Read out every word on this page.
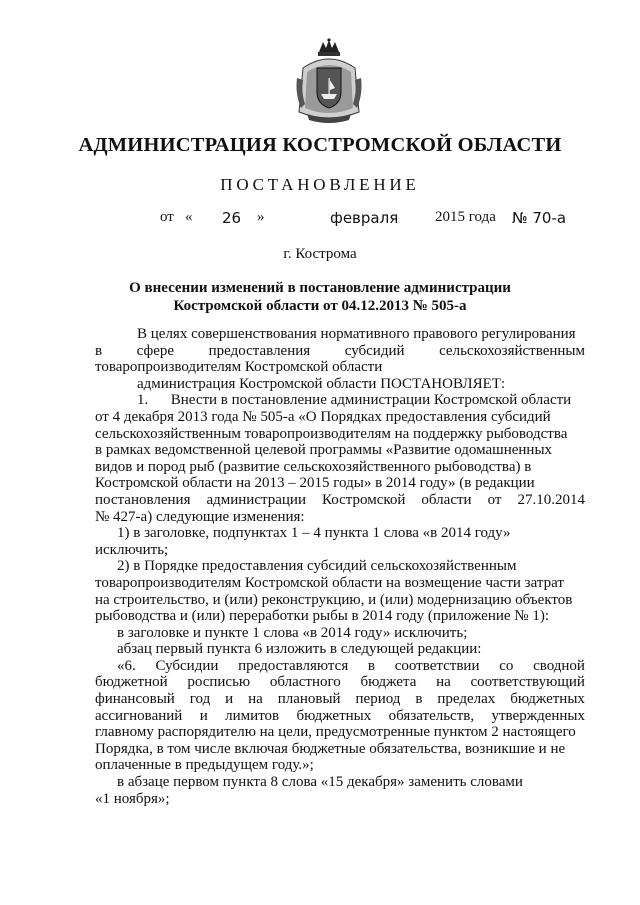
АДМИНИСТРАЦИЯ КОСТРОМСКОЙ ОБЛАСТИ
ПОСТАНОВЛЕНИЕ
от « 26 »	февраля 2015 года № 70-а
г. Кострома
О внесении изменений в постановление администрации
Костромской области от 04.12.2013 № 505-а
В целях совершенствования нормативного правового регулирования
в сфере предоставления субсидий сельскохозяйственным
товаропроизводителям Костромской области
администрация Костромской области ПОСТАНОВЛЯЕТ:
1.      Внести в постановление администрации Костромской области
от 4 декабря 2013 года № 505-а «О Порядках предоставления субсидий
сельскохозяйственным товаропроизводителям на поддержку рыбоводства
в рамках ведомственной целевой программы «Развитие одомашненных
видов и пород рыб (развитие сельскохозяйственного рыбоводства) в
Костромской области на 2013 – 2015 годы» в 2014 году» (в редакции
постановления администрации Костромской области от 27.10.2014
№ 427-а) следующие изменения:
1) в заголовке, подпунктах 1 – 4 пункта 1 слова «в 2014 году»
исключить;
2) в Порядке предоставления субсидий сельскохозяйственным
товаропроизводителям Костромской области на возмещение части затрат
на строительство, и (или) реконструкцию, и (или) модернизацию объектов
рыбоводства и (или) переработки рыбы в 2014 году (приложение № 1):
в заголовке и пункте 1 слова «в 2014 году» исключить;
абзац первый пункта 6 изложить в следующей редакции:
«6. Субсидии предоставляются в соответствии со сводной
бюджетной росписью областного бюджета на соответствующий
финансовый год и на плановый период в пределах бюджетных
ассигнований и лимитов бюджетных обязательств, утвержденных
главному распорядителю на цели, предусмотренные пунктом 2 настоящего
Порядка, в том числе включая бюджетные обязательства, возникшие и не
оплаченные в предыдущем году.»;
в абзаце первом пункта 8 слова «15 декабря» заменить словами
«1 ноября»;
